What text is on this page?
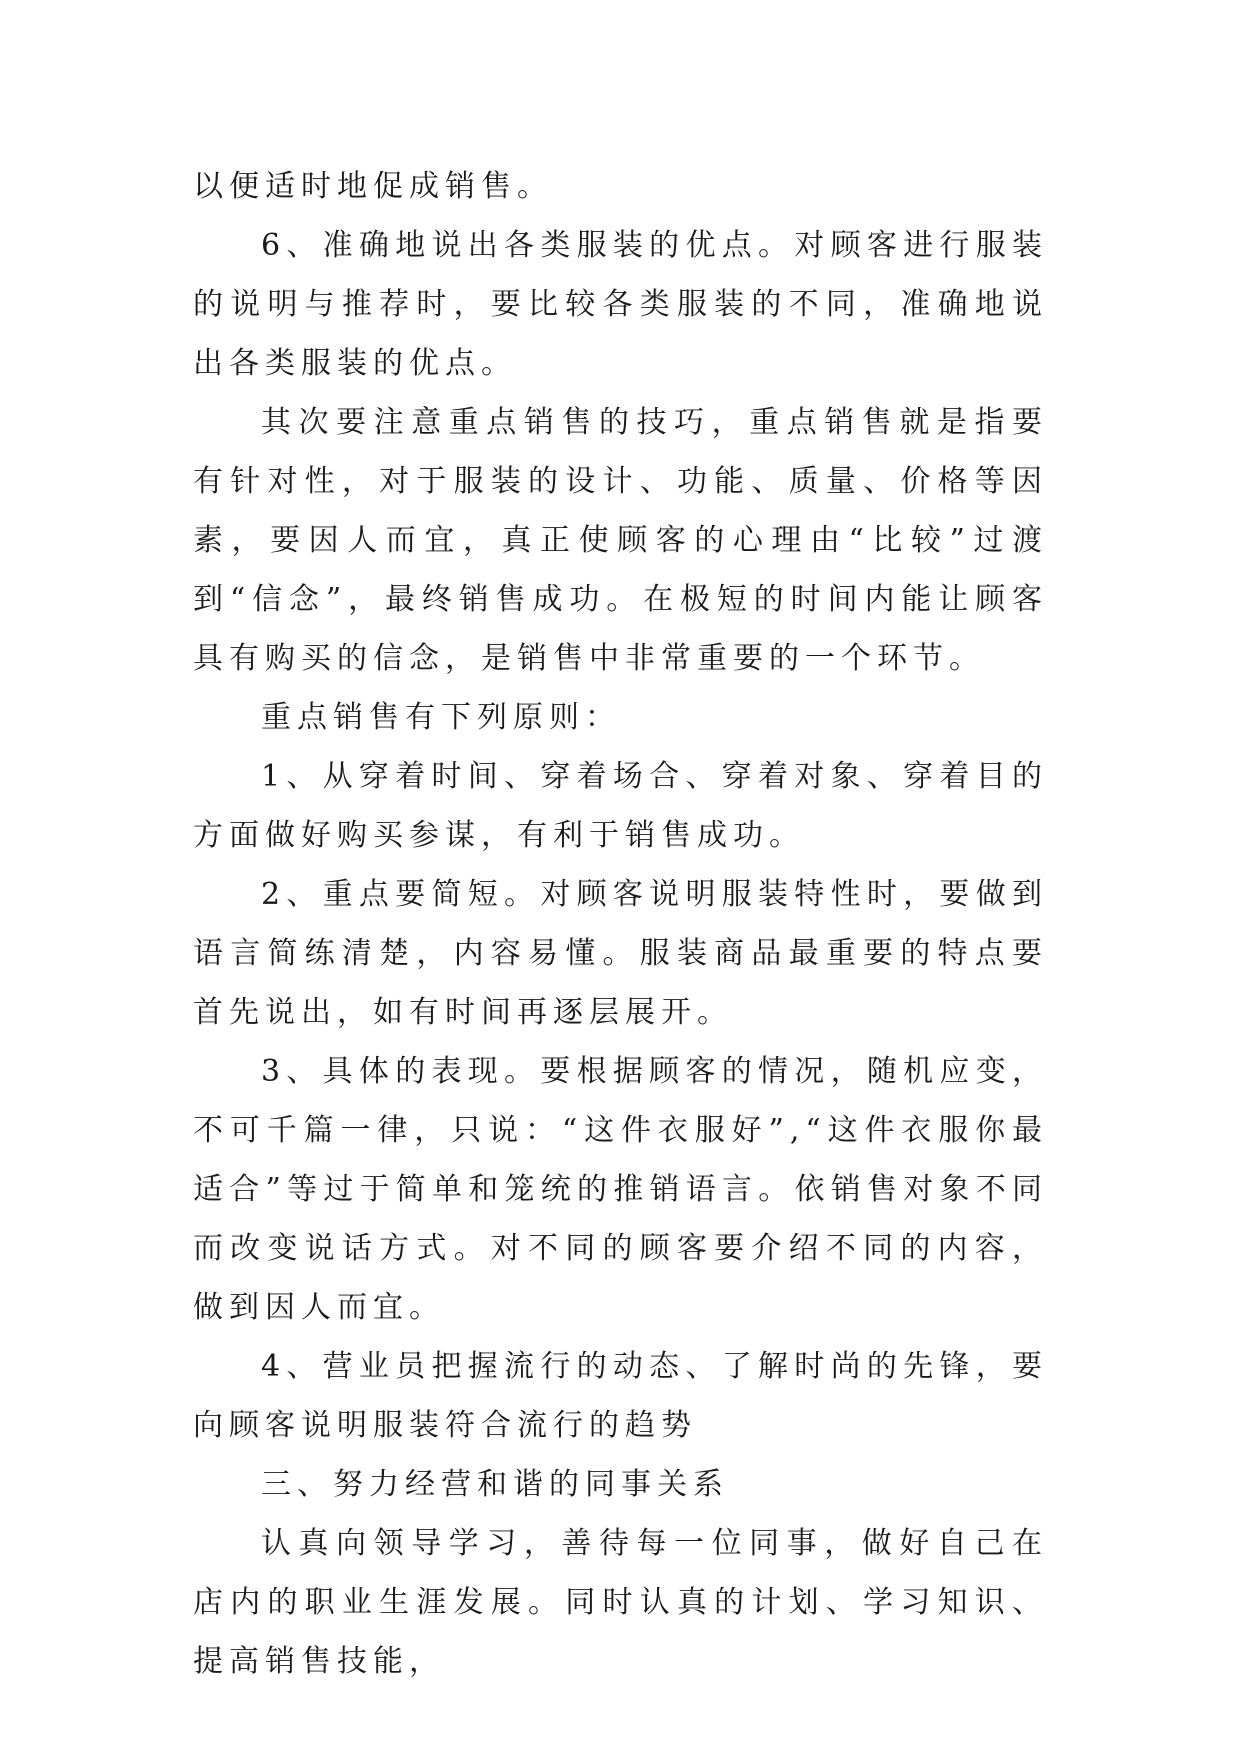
以便适时地促成销售。

6、准确地说出各类服装的优点。对顾客进行服装的说明与推荐时，要比较各类服装的不同，准确地说出各类服装的优点。

其次要注意重点销售的技巧，重点销售就是指要有针对性，对于服装的设计、功能、质量、价格等因素，要因人而宜，真正使顾客的心理由“比较”过渡到“信念”，最终销售成功。在极短的时间内能让顾客具有购买的信念，是销售中非常重要的一个环节。

重点销售有下列原则：

1、从穿着时间、穿着场合、穿着对象、穿着目的方面做好购买参谋，有利于销售成功。

2、重点要简短。对顾客说明服装特性时，要做到语言简练清楚，内容易懂。服装商品最重要的特点要首先说出，如有时间再逐层展开。

3、具体的表现。要根据顾客的情况，随机应变，不可千篇一律，只说：“这件衣服好”,“这件衣服你最适合”等过于简单和笼统的推销语言。依销售对象不同而改变说话方式。对不同的顾客要介绍不同的内容，做到因人而宜。

4、营业员把握流行的动态、了解时尚的先锋，要向顾客说明服装符合流行的趋势

三、努力经营和谐的同事关系

认真向领导学习，善待每一位同事，做好自己在店内的职业生涯发展。同时认真的计划、学习知识、提高销售技能，
